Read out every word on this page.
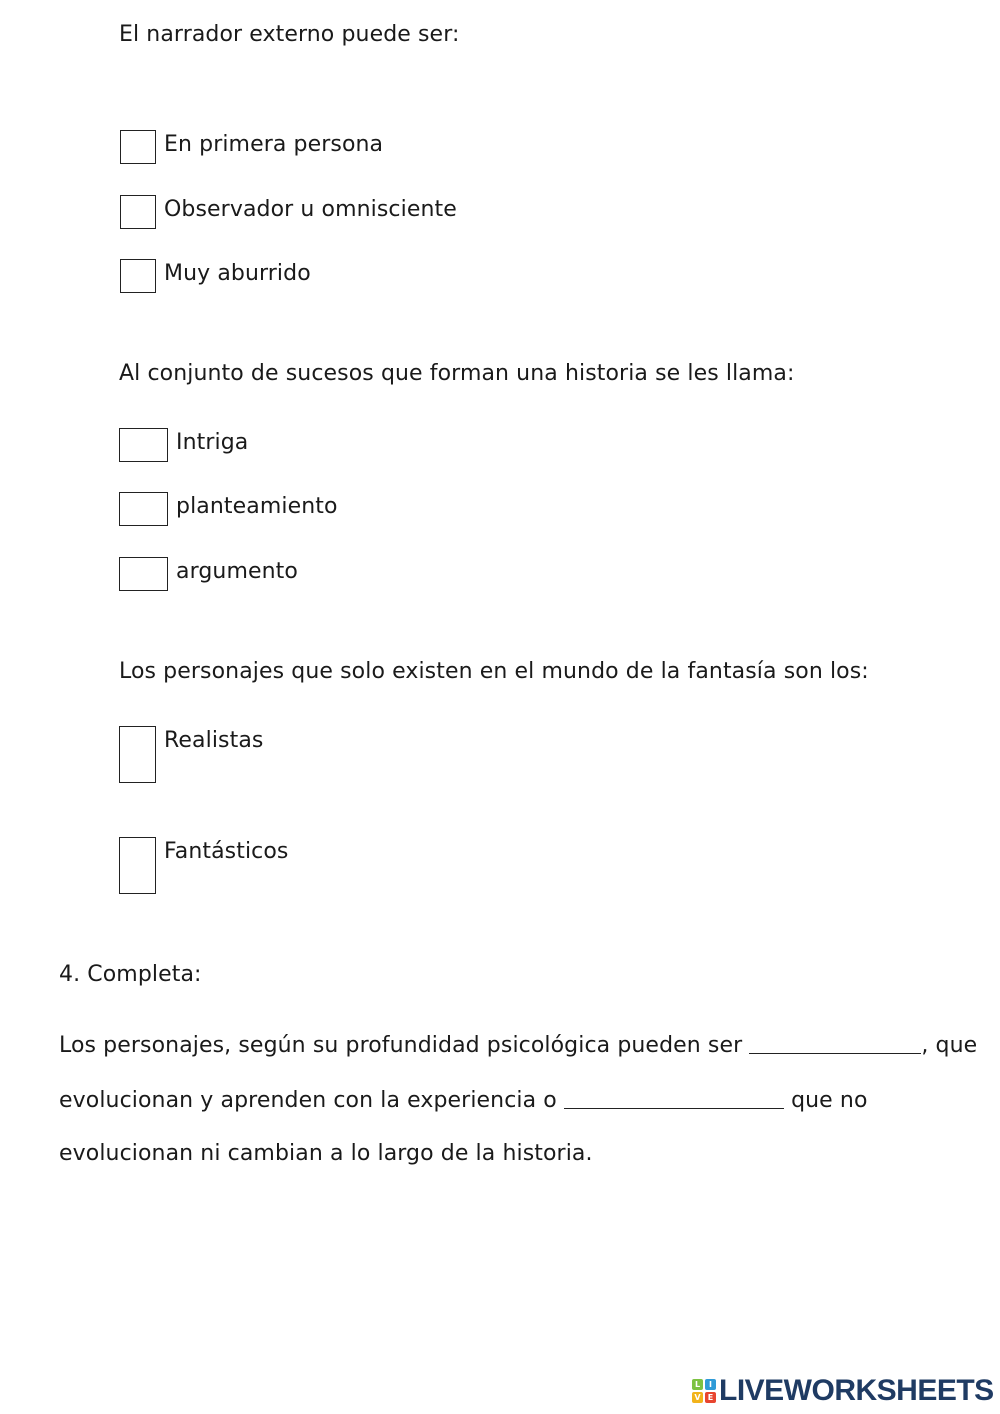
El narrador externo puede ser:
En primera persona
Observador u omnisciente
Muy aburrido
Al conjunto de sucesos que forman una historia se les llama:
Intriga
planteamiento
argumento
Los personajes que solo existen en el mundo de la fantasía son los:
Realistas
Fantásticos
4. Completa:
Los personajes, según su profundidad psicológica pueden ser	, que
evolucionan y aprenden con la experiencia o	que no
evolucionan ni cambian a lo largo de la historia.
L	I
V E LIVEWORKSHEETS
